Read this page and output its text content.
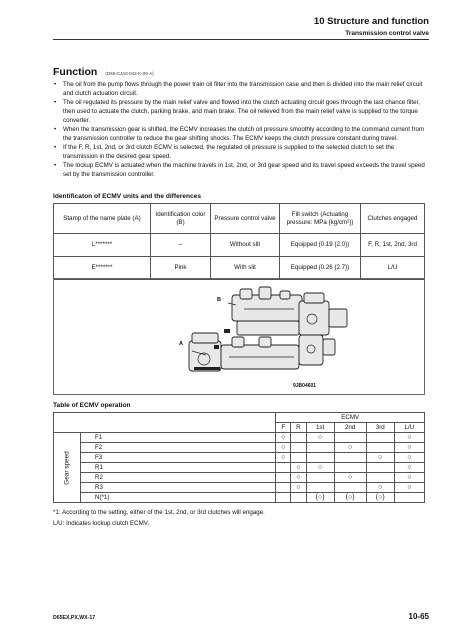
10 Structure and function
Transmission control valve
Function (D65-CJA0-042-K-00-A)
• The oil from the pump flows through the power train oil filter into the transmission case and then is divided into the main relief circuit and clutch actuation circuit.
• The oil regulated its pressure by the main relief valve and flowed into the clutch actuating circuit goes through the last chance filter, then used to actuate the clutch, parking brake, and main brake. The oil relieved from the main relief valve is supplied to the torque converter.
• When the transmission gear is shifted, the ECMV increases the clutch oil pressure smoothly according to the command current from the transmission controller to reduce the gear shifting shocks. The ECMV keeps the clutch pressure constant during travel.
• If the F, R, 1st, 2nd, or 3rd clutch ECMV is selected, the regulated oil pressure is supplied to the selected clutch to set the transmission in the desired gear speed.
• The lockup ECMV is actuated when the machine travels in 1st, 2nd, or 3rd gear speed and its travel speed exceeds the travel speed set by the transmission controller.
Identificaton of ECMV units and the differences
Stamp of the name plate (A)	Identification color (B)	Pressure control valve	Fill switch (Actuating pressure: MPa {kg/cm²})	Clutches engaged
L*******	–	Without slit	Equipped (0.19 {2.0})	F, R, 1st, 2nd, 3rd
E*******	Pink	With slit	Equipped (0.26 {2.7})	L/U
B
A
9JB04601
Table of ECMV operation
		ECMV					
		F	R	1st	2nd	3rd	L/U

Gear speed	F1	○		○			○
	F2	○			○		○
	F3	○				○	○
	R1		○	○			○
	R2		○		○		○
	R3		○			○	○
	N(*1)			(○)	(○)	(○)	
*1: According to the setting, either of the 1st, 2nd, or 3rd clutches will engage.
L/U: Indicates lockup clutch ECMV.
D65EX,PX,WX-17	10-65
